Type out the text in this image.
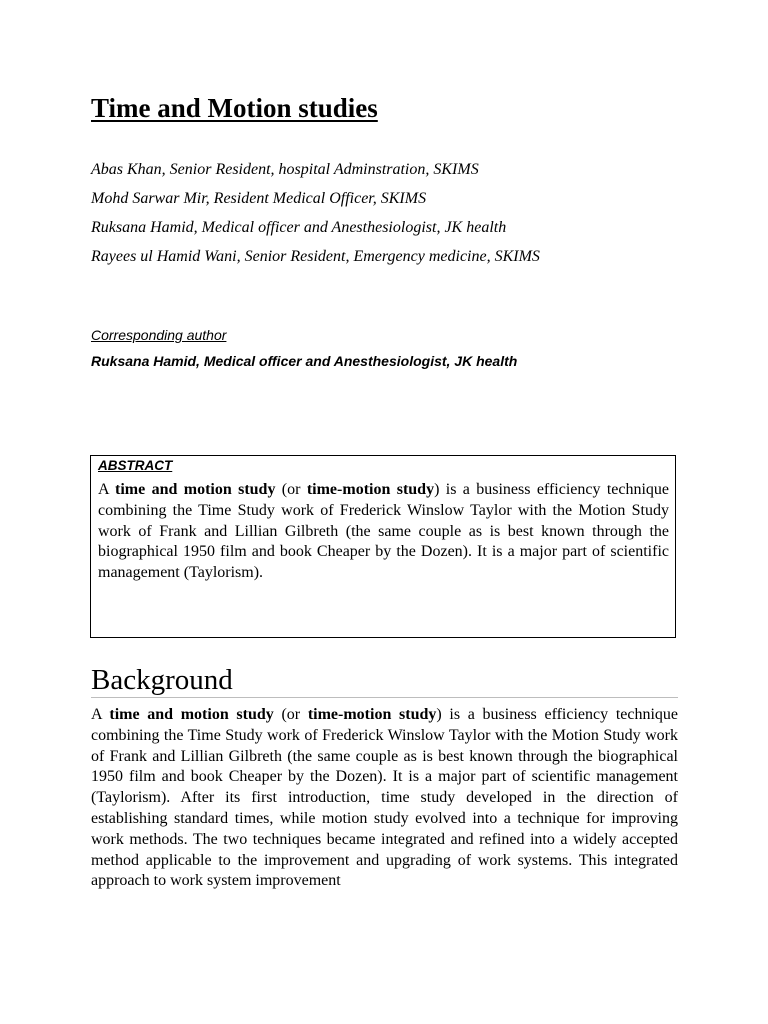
Time and Motion studies
Abas Khan, Senior Resident, hospital Adminstration, SKIMS
Mohd Sarwar Mir, Resident Medical Officer, SKIMS
Ruksana Hamid, Medical officer and Anesthesiologist, JK health
Rayees ul Hamid Wani, Senior Resident, Emergency medicine, SKIMS
Corresponding author
Ruksana Hamid, Medical officer and Anesthesiologist, JK health
ABSTRACT

A time and motion study (or time-motion study) is a business efficiency technique combining the Time Study work of Frederick Winslow Taylor with the Motion Study work of Frank and Lillian Gilbreth (the same couple as is best known through the biographical 1950 film and book Cheaper by the Dozen). It is a major part of scientific management (Taylorism).

Background

A time and motion study (or time-motion study) is a business efficiency technique combining the Time Study work of Frederick Winslow Taylor with the Motion Study work of Frank and Lillian Gilbreth (the same couple as is best known through the biographical 1950 film and book Cheaper by the Dozen). It is a major part of scientific management (Taylorism). After its first introduction, time study developed in the direction of establishing standard times, while motion study evolved into a technique for improving work methods. The two techniques became integrated and refined into a widely accepted method applicable to the improvement and upgrading of work systems. This integrated approach to work system improvement
